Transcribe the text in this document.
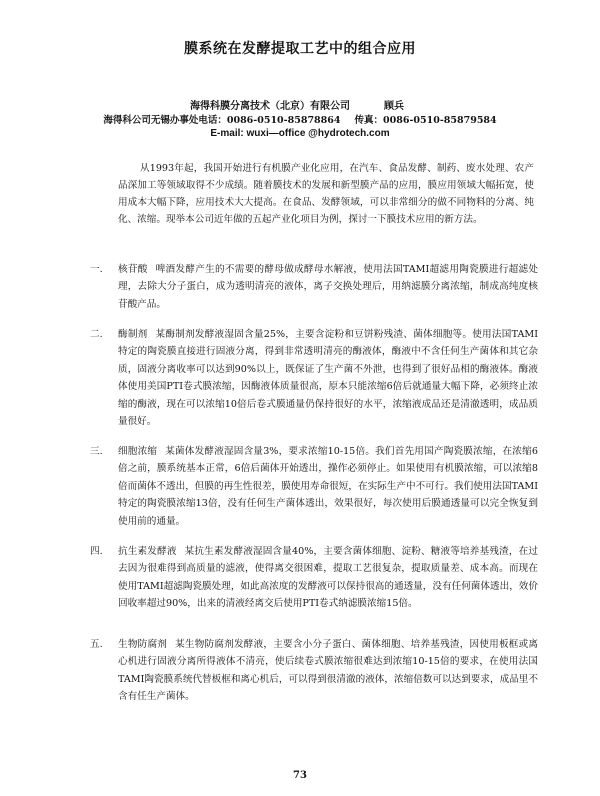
膜系统在发酵提取工艺中的组合应用
海得科膜分离技术（北京）有限公司	顾兵
海得科公司无锡办事处电话：0086-0510-85878864 传真：0086-0510-85879584
E-mail: wuxi—office @hydrotech.com

从1993年起，我国开始进行有机膜产业化应用，在汽车、食品发酵、制药、废水处理、农产品深加工等领域取得不少成绩。随着膜技术的发展和新型膜产品的应用，膜应用领域大幅拓宽，使用成本大幅下降，应用技术大大提高。在食品、发酵领域，可以非常细分的做不同物料的分离、纯化、浓缩。现举本公司近年做的五起产业化项目为例，探讨一下膜技术应用的新方法。

一.	核苷酸 啤酒发酵产生的不需要的酵母做成酵母水解液，使用法国TAMI超滤用陶瓷膜进行超滤处理，去除大分子蛋白，成为透明清亮的液体，离子交换处理后，用纳滤膜分离浓缩，制成高纯度核苷酸产品。
二.	酶制剂 某酶制剂发酵液湿固含量25%，主要含淀粉和豆饼粉残渣、菌体细胞等。使用法国TAMI特定的陶瓷膜直接进行固液分离，得到非常透明清亮的酶液体，酶液中不含任何生产菌体和其它杂质，固液分离收率可以达到90%以上，既保证了生产菌不外泄，也得到了很好品相的酶液体。酶液体使用美国PTI卷式膜浓缩，因酶液体质量很高，原本只能浓缩6倍后就通量大幅下降，必须终止浓缩的酶液，现在可以浓缩10倍后卷式膜通量仍保持很好的水平，浓缩液成品还是清澈透明，成品质量很好。
三.	细胞浓缩 某菌体发酵液湿固含量3%，要求浓缩10-15倍。我们首先用国产陶瓷膜浓缩，在浓缩6倍之前，膜系统基本正常，6倍后菌体开始透出，操作必须停止。如果使用有机膜浓缩，可以浓缩8倍而菌体不透出，但膜的再生性很差，膜使用寿命很短，在实际生产中不可行。我们使用法国TAMI特定的陶瓷膜浓缩13倍，没有任何生产菌体透出，效果很好，每次使用后膜通透量可以完全恢复到使用前的通量。
四.	抗生素发酵液 某抗生素发酵液湿固含量40%，主要含菌体细胞、淀粉、糖液等培养基残渣，在过去因为很难得到高质量的滤液，使得离交很困难，提取工艺很复杂，提取质量差、成本高。而现在使用TAMI超滤陶瓷膜处理，如此高浓度的发酵液可以保持很高的通透量，没有任何菌体透出，效价回收率超过90%，出来的清液经离交后使用PTI卷式纳滤膜浓缩15倍。
五.	生物防腐剂 某生物防腐剂发酵液，主要含小分子蛋白、菌体细胞、培养基残渣，因使用板框或离心机进行固液分离所得液体不清亮，使后续卷式膜浓缩很难达到浓缩10-15倍的要求，在使用法国TAMI陶瓷膜系统代替板框和离心机后，可以得到很清澈的液体，浓缩倍数可以达到要求，成品里不含有任生产菌体。
73
